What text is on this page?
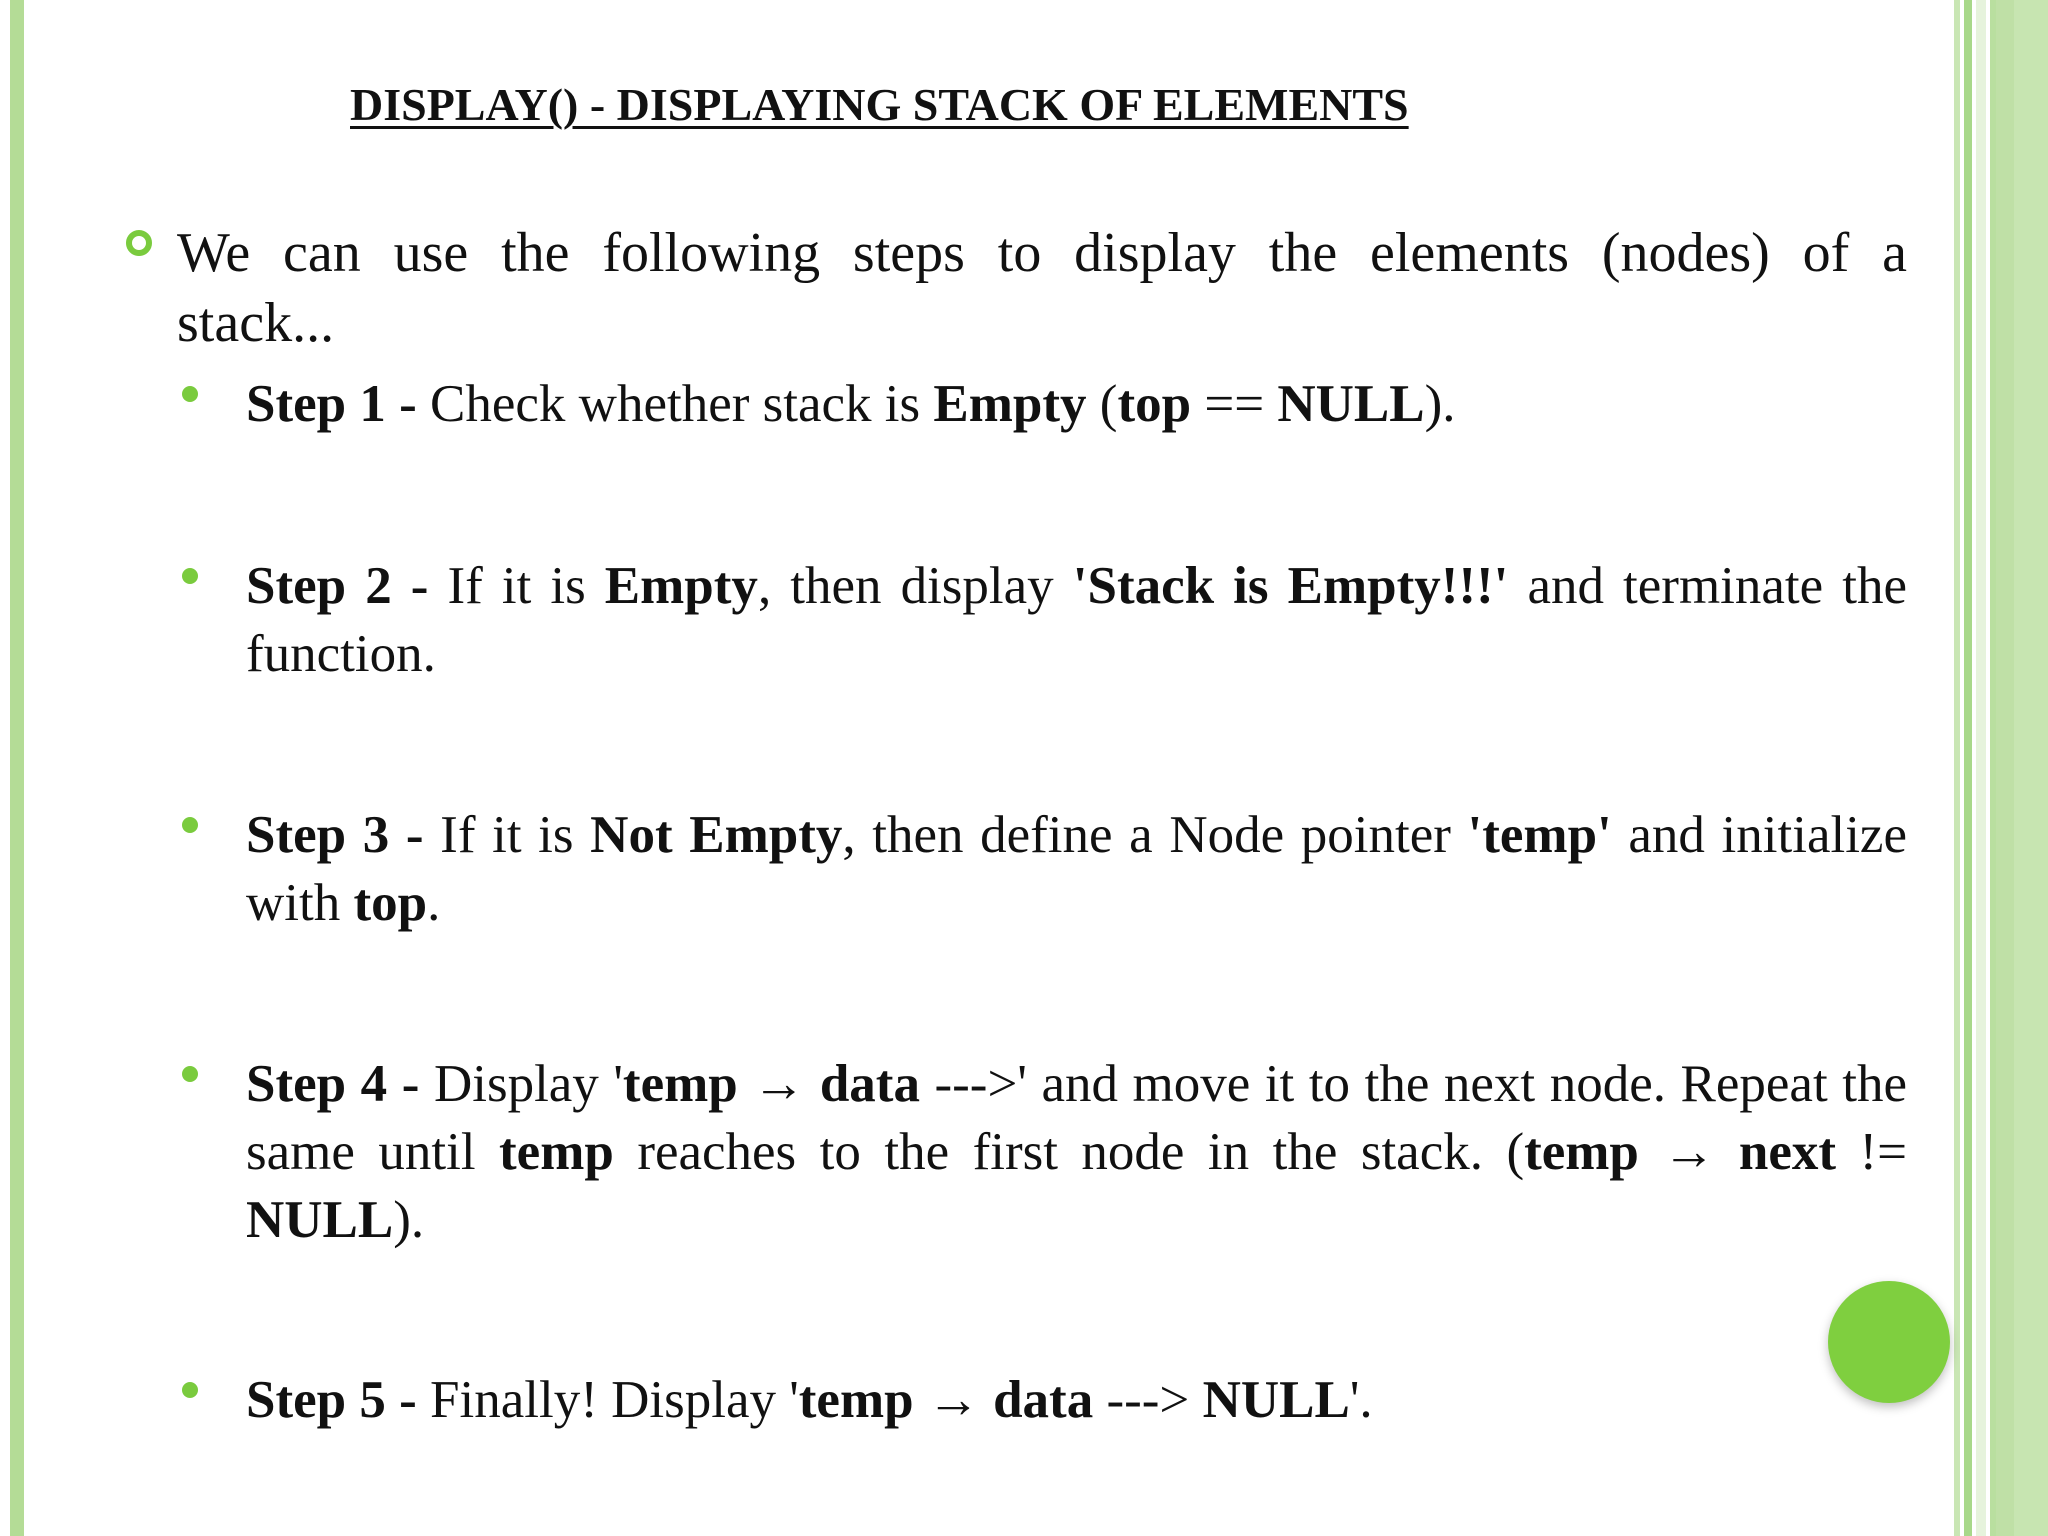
DISPLAY() - DISPLAYING STACK OF ELEMENTS
We can use the following steps to display the elements (nodes) of a stack...
Step 1 - Check whether stack is Empty (top == NULL).
Step 2 - If it is Empty, then display 'Stack is Empty!!!' and terminate the function.
Step 3 - If it is Not Empty, then define a Node pointer 'temp' and initialize with top.
Step 4 - Display 'temp → data --->' and move it to the next node. Repeat the same until temp reaches to the first node in the stack. (temp → next != NULL).
Step 5 - Finally! Display 'temp → data ---> NULL'.
